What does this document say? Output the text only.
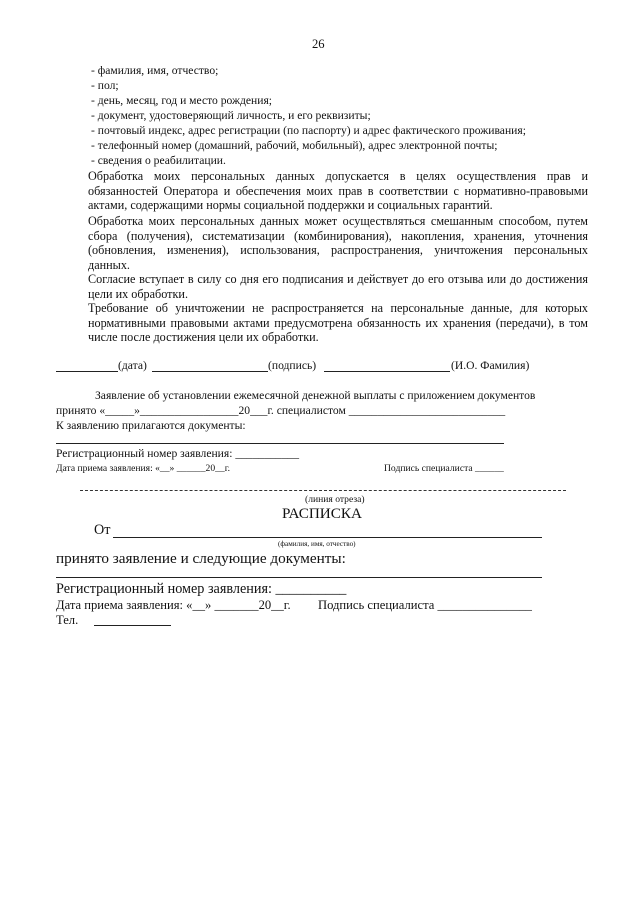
26
- фамилия, имя, отчество;
- пол;
- день, месяц, год и место рождения;
- документ, удостоверяющий личность, и его реквизиты;
- почтовый индекс, адрес регистрации (по паспорту) и адрес фактического проживания;
- телефонный номер (домашний, рабочий, мобильный), адрес электронной почты;
- сведения о реабилитации.

Обработка моих персональных данных допускается в целях осуществления прав и обязанностей Оператора и обеспечения моих прав в соответствии с нормативно-правовыми актами, содержащими нормы социальной поддержки и социальных гарантий.

Обработка моих персональных данных может осуществляться смешанным способом, путем сбора (получения), систематизации (комбинирования), накопления, хранения, уточнения (обновления, изменения), использования, распространения, уничтожения персональных данных.

Согласие вступает в силу со дня его подписания и действует до его отзыва или до достижения цели их обработки.

Требование об уничтожении не распространяется на персональные данные, для которых нормативными правовыми актами предусмотрена обязанность их хранения (передачи), в том числе после достижения цели их обработки.

(дата)	(подпись)	(И.О. Фамилия)
Заявление об установлении ежемесячной денежной выплаты с приложением документов
принято «_____»_________________20___г. специалистом ___________________________
К заявлению прилагаются документы:
Регистрационный номер заявления: ___________
Дата приема заявления: «__» ______20__г.	Подпись специалиста ______
(линия отреза)
РАСПИСКА
От
(фамилия, имя, отчество)
принято заявление и следующие документы:
Регистрационный номер заявления: __________
Дата приема заявления: «__» _______20__г. Подпись специалиста _______________
Тел.
